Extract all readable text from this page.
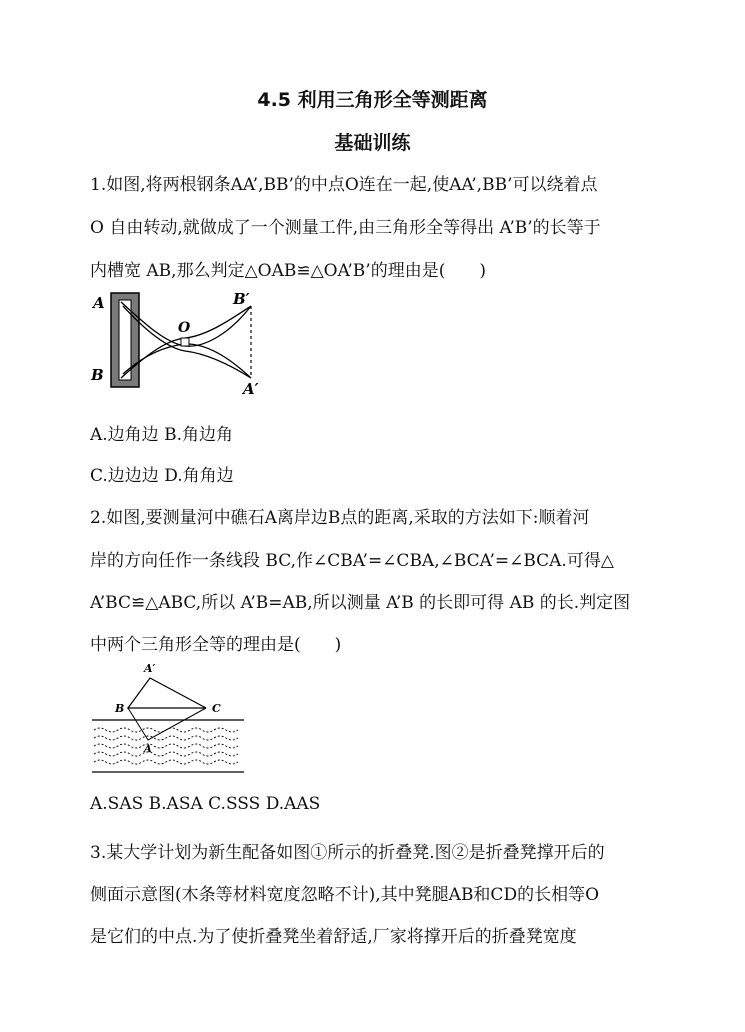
4.5 利用三角形全等测距离
基础训练
1.如图,将两根钢条AA’,BB’的中点O连在一起,使AA’,BB’可以绕着点
O 自由转动,就做成了一个测量工件,由三角形全等得出 A’B’的长等于
内槽宽 AB,那么判定△OAB≌△OA’B’的理由是(　　)
A
B
O
B′
A′
A.边角边 B.角边角
C.边边边 D.角角边
2.如图,要测量河中礁石A离岸边B点的距离,采取的方法如下:顺着河
岸的方向任作一条线段 BC,作∠CBA’=∠CBA,∠BCA’=∠BCA.可得△
A’BC≌△ABC,所以 A’B=AB,所以测量 A’B 的长即可得 AB 的长.判定图
中两个三角形全等的理由是(　　)
A′
B	C
A
A.SAS B.ASA C.SSS D.AAS
3.某大学计划为新生配备如图①所示的折叠凳.图②是折叠凳撑开后的
侧面示意图(木条等材料宽度忽略不计),其中凳腿AB和CD的长相等O
是它们的中点.为了使折叠凳坐着舒适,厂家将撑开后的折叠凳宽度
